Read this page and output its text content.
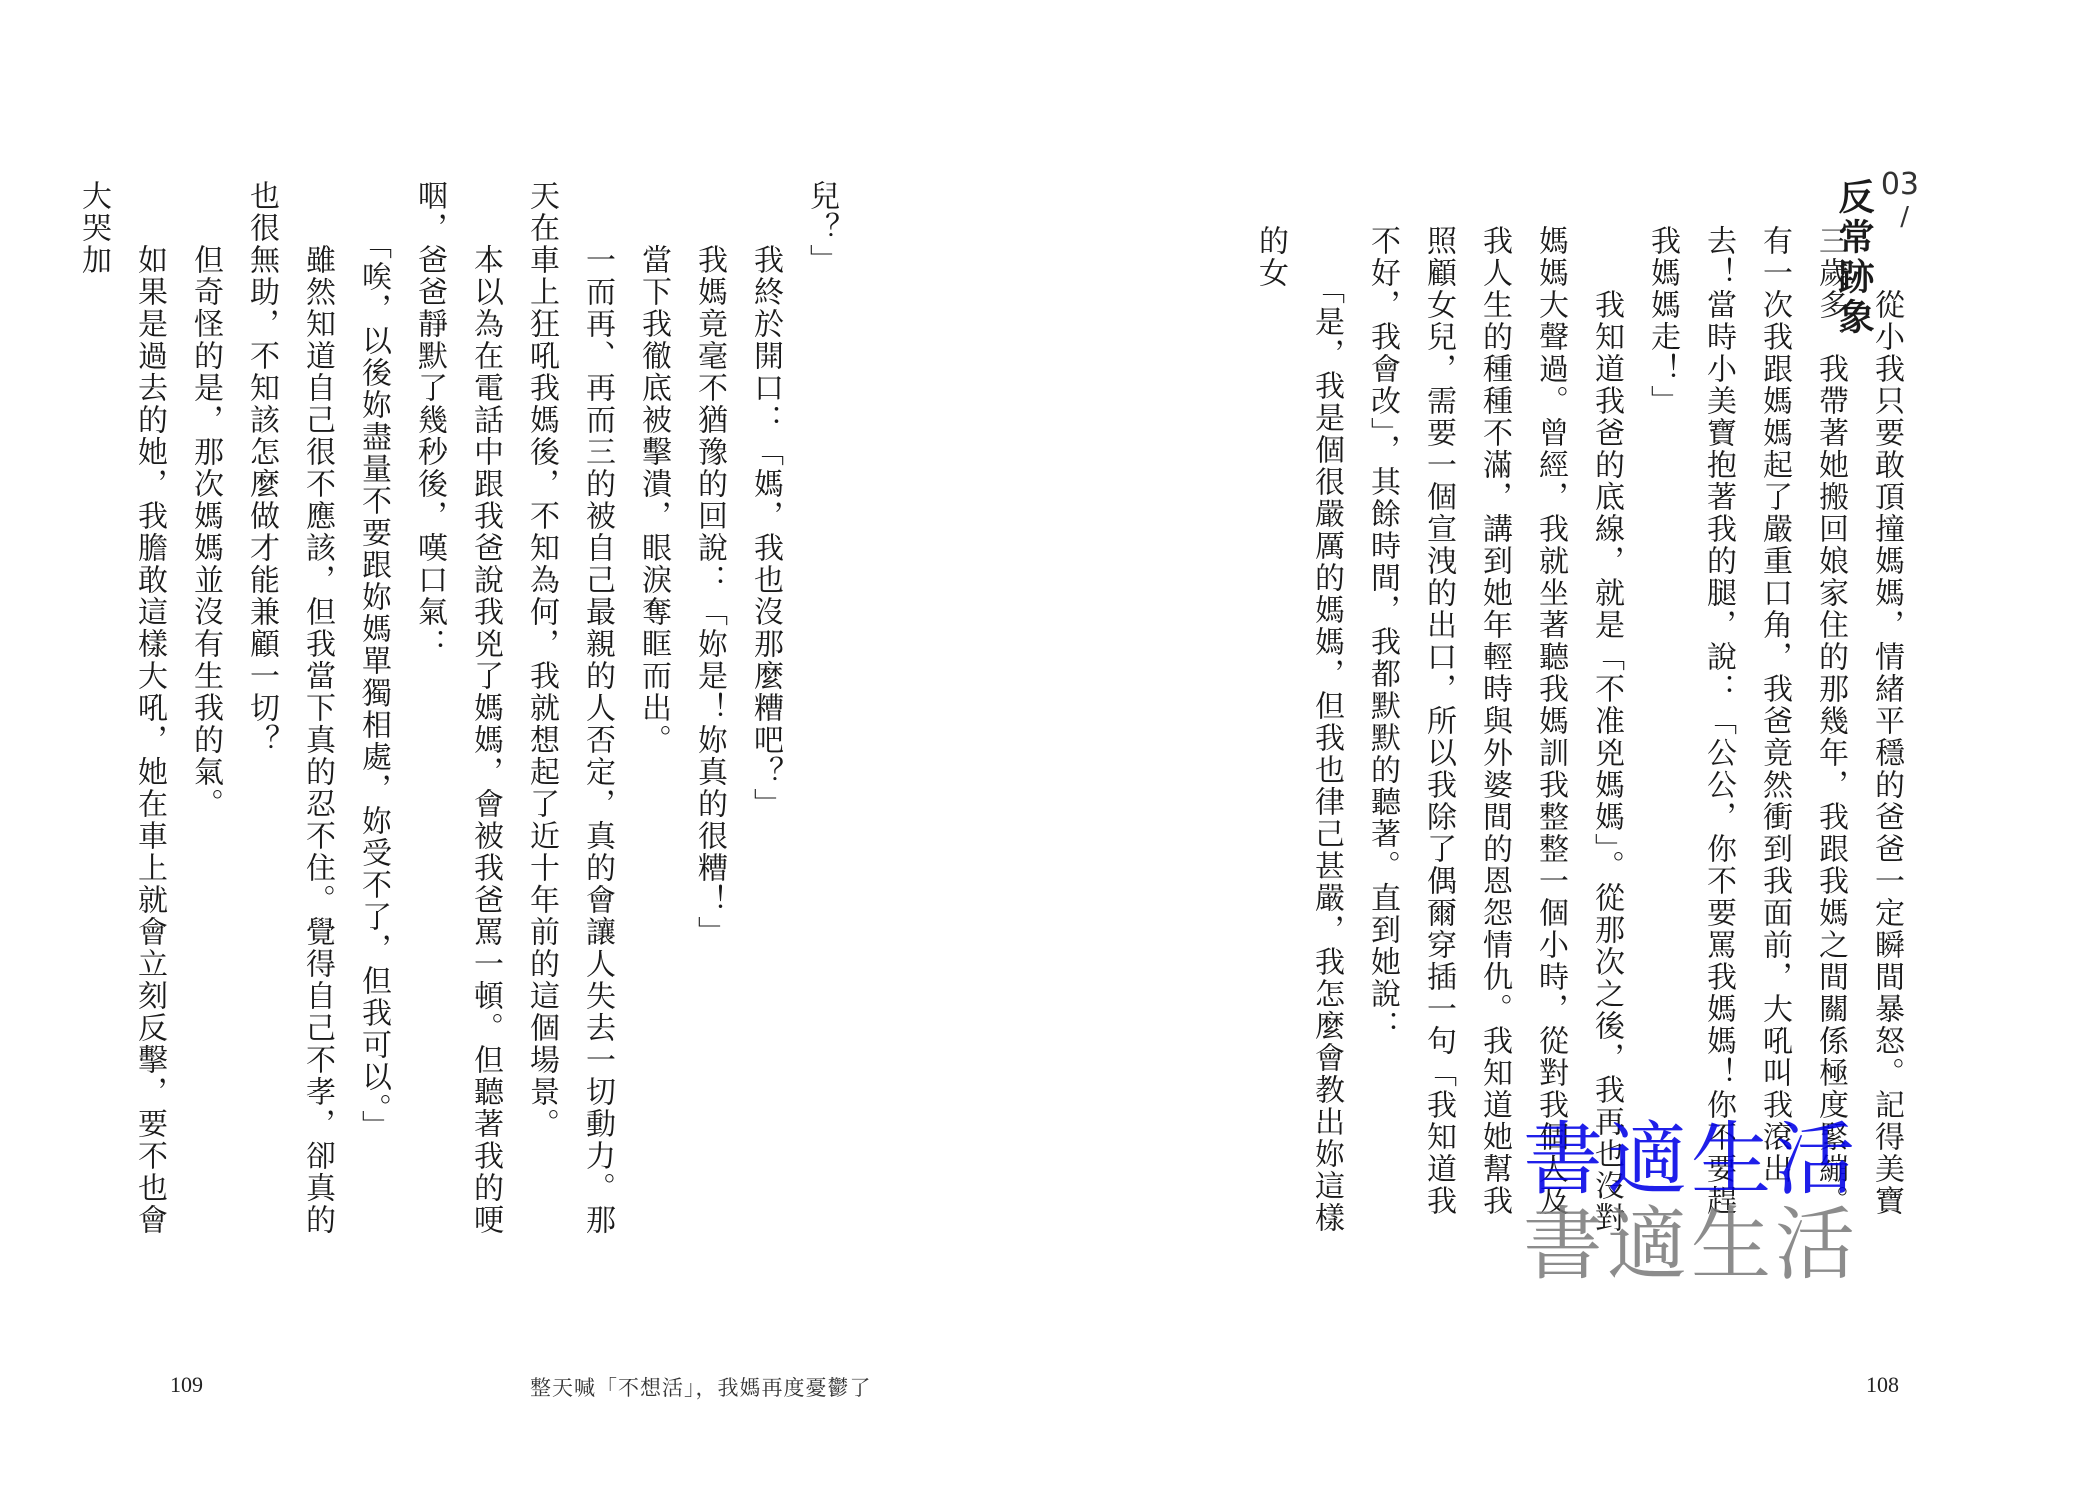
兒？」
　　我終於開口：「媽，我也沒那麼糟吧？」
　　我媽竟毫不猶豫的回說：「妳是！妳真的很糟！」
　　當下我徹底被擊潰，眼淚奪眶而出。
　　一而再、再而三的被自己最親的人否定，真的會讓人失去一切動力。那天在車上狂吼我媽後，不知為何，我就想起了近十年前的這個場景。
　　本以為在電話中跟我爸說我兇了媽媽，會被我爸罵一頓。但聽著我的哽咽，爸爸靜默了幾秒後，嘆口氣：
　　「唉，以後妳盡量不要跟妳媽單獨相處，妳受不了，但我可以。」
　　雖然知道自己很不應該，但我當下真的忍不住。覺得自己不孝，卻真的也很無助，不知該怎麼做才能兼顧一切？
　　但奇怪的是，那次媽媽並沒有生我的氣。
　　如果是過去的她，我膽敢這樣大吼，她在車上就會立刻反擊，要不也會大哭加

109	整天喊「不想活」，我媽再度憂鬱了
03
/
反常跡象

　　從小我只要敢頂撞媽媽，情緒平穩的爸爸一定瞬間暴怒。記得美寶三歲多，我帶著她搬回娘家住的那幾年，我跟我媽之間關係極度緊繃。有一次我跟媽媽起了嚴重口角，我爸竟然衝到我面前，大吼叫我滾出去！當時小美寶抱著我的腿，說：「公公，你不要罵我媽媽！你不要趕我媽媽走！」
　　我知道我爸的底線，就是「不准兇媽媽」。從那次之後，我再也沒對媽媽大聲過。曾經，我就坐著聽我媽訓我整整一個小時，從對我個人及我人生的種種不滿，講到她年輕時與外婆間的恩怨情仇。我知道她幫我照顧女兒，需要一個宣洩的出口，所以我除了偶爾穿插一句「我知道我不好，我會改」，其餘時間，我都默默的聽著。直到她說：
　　「是，我是個很嚴厲的媽媽，但我也律己甚嚴，我怎麼會教出妳這樣的女

書適生活
書適生活
108
